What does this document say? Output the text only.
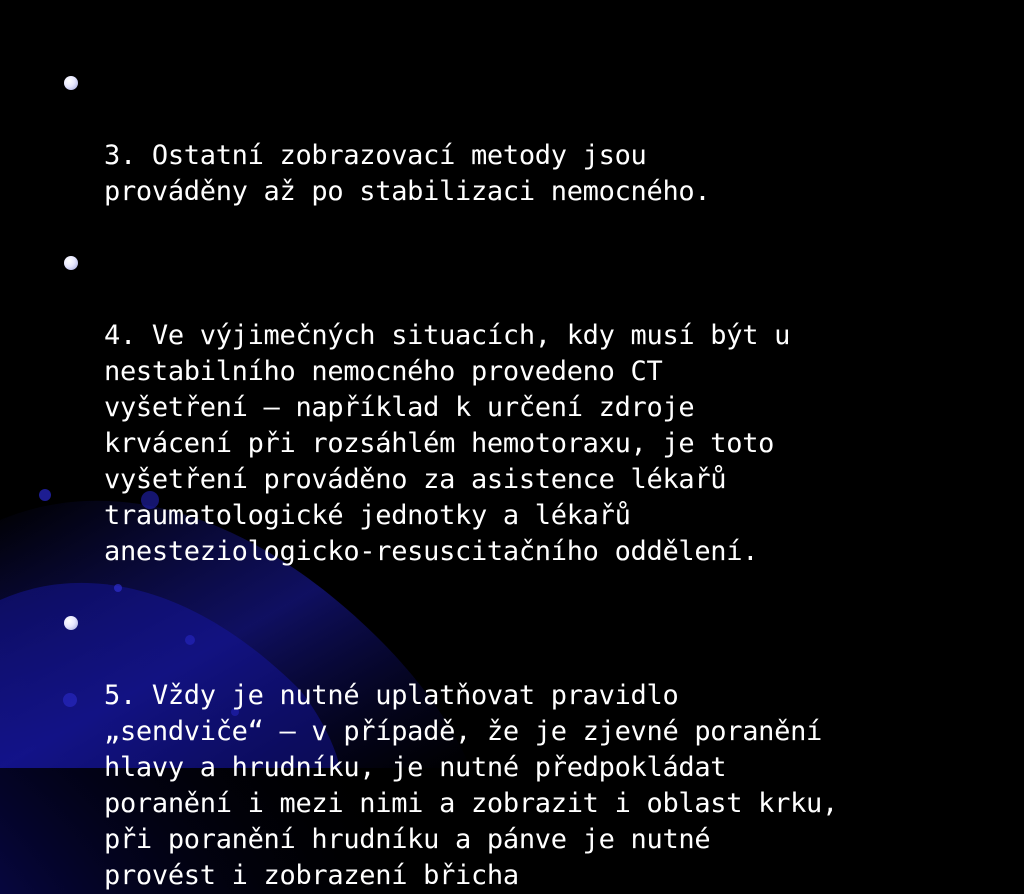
3. Ostatní zobrazovací metody jsou
prováděny až po stabilizaci nemocného.

4. Ve výjimečných situacích, kdy musí být u
nestabilního nemocného provedeno CT
vyšetření – například k určení zdroje
krvácení při rozsáhlém hemotoraxu, je toto
vyšetření prováděno za asistence lékařů
traumatologické jednotky a lékařů
anesteziologicko-resuscitačního oddělení.

5. Vždy je nutné uplatňovat pravidlo
„sendviče“ – v případě, že je zjevné poranění
hlavy a hrudníku, je nutné předpokládat
poranění i mezi nimi a zobrazit i oblast krku,
při poranění hrudníku a pánve je nutné
provést i zobrazení břicha
